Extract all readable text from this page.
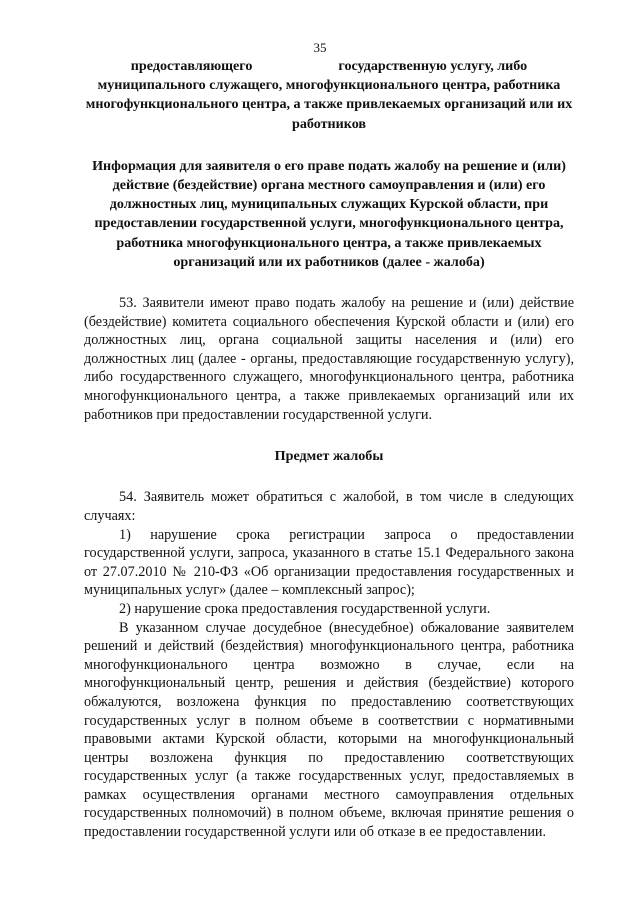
35

предоставляющего	государственную услугу, либо муниципального служащего, многофункционального центра, работника многофункционального центра, а также привлекаемых организаций или их работников

Информация для заявителя о его праве подать жалобу на решение и (или) действие (бездействие) органа местного самоуправления и (или) его должностных лиц, муниципальных служащих Курской области, при предоставлении государственной услуги, многофункционального центра, работника многофункционального центра, а также привлекаемых организаций или их работников (далее - жалоба)

53. Заявители имеют право подать жалобу на решение и (или) действие (бездействие) комитета социального обеспечения Курской области и (или) его должностных лиц, органа социальной защиты населения и (или) его должностных лиц (далее - органы, предоставляющие государственную услугу), либо государственного служащего, многофункционального центра, работника многофункционального центра, а также привлекаемых организаций или их работников при предоставлении государственной услуги.

Предмет жалобы

54. Заявитель может обратиться с жалобой, в том числе в следующих случаях:

1) нарушение срока регистрации запроса о предоставлении государственной услуги, запроса, указанного в статье 15.1 Федерального закона от 27.07.2010 № 210-ФЗ «Об организации предоставления государственных и муниципальных услуг» (далее – комплексный запрос);

2) нарушение срока предоставления государственной услуги.

В указанном случае досудебное (внесудебное) обжалование заявителем решений и действий (бездействия) многофункционального центра, работника многофункционального центра возможно в случае, если на многофункциональный центр, решения и действия (бездействие) которого обжалуются, возложена функция по предоставлению соответствующих государственных услуг в полном объеме в соответствии с нормативными правовыми актами Курской области, которыми на многофункциональный центры возложена функция по предоставлению соответствующих государственных услуг (а также государственных услуг, предоставляемых в рамках осуществления органами местного самоуправления отдельных государственных полномочий) в полном объеме, включая принятие решения о предоставлении государственной услуги или об отказе в ее предоставлении.
